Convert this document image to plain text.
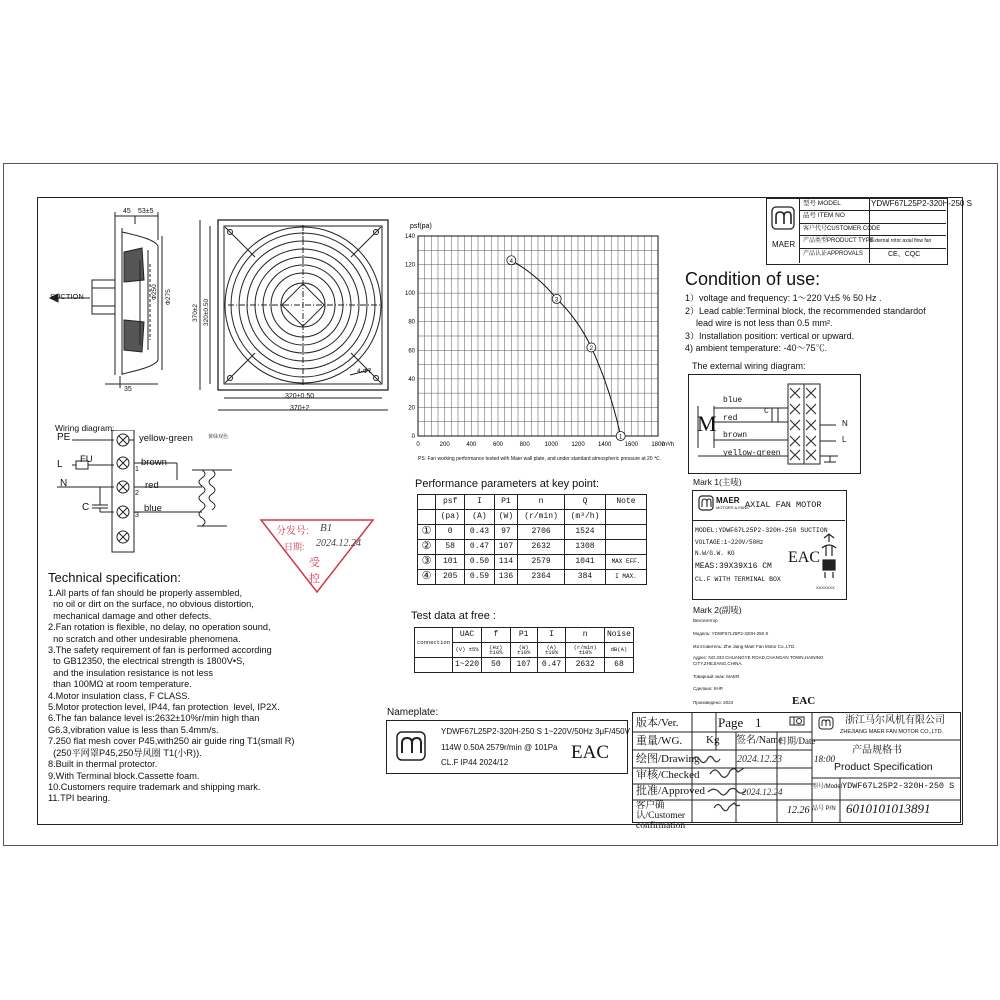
45 53±5
SUCTION	Ф250 Ф275
35
370±2 320±0.50
320±0.50
370±2
4-Ф7
0	200	400	600	800 1000 1200 1400 1600 1800
0
20
40
60
80
100
120
140
psf(pa)
m³/h
4
3
2
1
PS: Fan working performance tested with Maer wall plate, and under standard atmospheric pressure at 20 ℃.
Wiring diagram:
PE	yellow-green	黄绿双色
L FU	brown
N	red
C	blue
1
2
3
分发号: B1
日期: 2024.12.24
受
控
Technical specification:

1.All parts of fan should be properly assembled,

no oil or dirt on the surface, no obvious distortion,

mechanical damage and other defects.

2.Fan rotation is flexible, no delay, no operation sound,

no scratch and other undesirable phenomena.

3.The safety requirement of fan is performed according

to GB12350, the electrical strength is 1800V•S,

and the insulation resistance is not less

than 100MΩ at room temperature.

4.Motor insulation class, F CLASS.

5.Motor protection level, IP44, fan protection  level, IP2X.

6.The fan balance level is:2632±10%r/min high than

G6.3,vibration value is less than 5.4mm/s.

7.250 flat mesh cover P45,with250 air guide ring T1(small R)

(250平网罩P45,250导风圈 T1(小R)).

8.Built in thermal protector.

9.With Terminal block.Cassette foam.

10.Customers require trademark and shipping mark.

11.TPI bearing.

Performance parameters at key point:
	psf	I	P1	n	Q	Note
	(pa)	(A)	(W)	(r/min)	(m³/h)	
①	0	0.43	97	2706	1524	
②	58	0.47	107	2632	1308	
③	101	0.50	114	2579	1041	MAX EFF.
④	205	0.59	136	2364	384	I MAX.
Test data at free :
connection	UAC	f	P1	I	n	Noise
	(V) ±5%	(Hz) ±10%	(W) ±10%	(A) ±10%	(r/min) ±10%	dB(A)
	1~220	50	107	0.47	2632	68
Nameplate:
YDWF67L25P2-320H-250 S 1~220V/50Hz 3μF/450V
114W 0.50A 2579r/min @ 101Pa
CL.F IP44 2024/12	EAC
MAER
型号 MODEL	YDWF67L25P2-320H-250 S
品号 ITEM NO
客户代号CUSTOMER CODE
产品类型PRODUCT TYPE
External rotor axial flow fan
产品认证APPROVALS	CE、CQC
Condition of use:
1）voltage and frequency: 1～220 V±5 % 50 Hz .
2）Lead cable:Terminal block, the recommended standardof
lead wire is not less than 0.5 mm².
3）Installation position: vertical or upward.
4) ambient temperature: -40～75℃.
The external wiring diagram:
M
blue
red
C
brown
yellow-green
N
L
Mark 1(主唛)
MAER
MOTORS & FANS
AXIAL FAN MOTOR
MODEL:YDWF67L25P2-320H-250 SUCTION
VOLTAGE:1~220V/50Hz
N.W/G.W. KG
MEAS:39X39X16 CM
CL.F WITH TERMINAL BOX
EAC
XXXXXXX
Mark 2(副唛)
Вентилятор
Модель: YDWF67L25P2-320H-250 S
Изготовитель: Zhe Jiang Maer Fan Motor Co.,LTD.
Адрес: NO.333 CHUANGYE ROAD,CHANGAN TOWN,HAINING
CITY,ZHEJIANG,CHINA.
Товарный знак: MAER.
Сделано: КНР.
Произведено: 2024	EAC
版本/Ver.	Page 1
重量/WG. Kg 签名/Name
日期/Date
绘图/Drawing	2024.12.23	18:00
审核/Checked
批准/Approved	2024.12.24
客户确认/Customer confirmation
12.26
浙江马尔风机有限公司
ZHEJIANG MAER FAN MOTOR CO.,LTD.
产品规格书
Product Specification
型号/Model YDWF67L25P2-320H-250 S
品号 P/N 6010101013891
